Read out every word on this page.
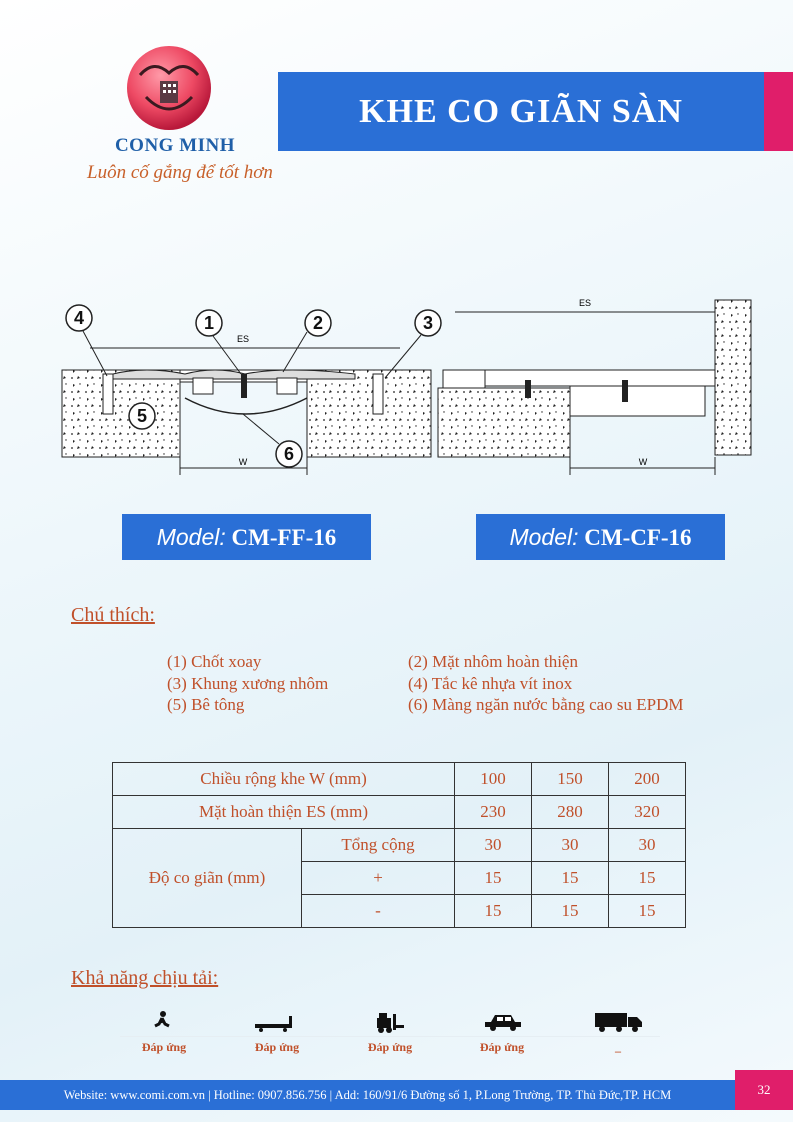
CONG MINH
Luôn cố gắng để tốt hơn
KHE CO GIÃN SÀN
W
ES
4	1	2	3
5
6
ES
W
Model: CM-FF-16	Model: CM-CF-16
Chú thích:
(1) Chốt xoay
(3) Khung xương nhôm
(5) Bê tông
(2) Mặt nhôm hoàn thiện
(4) Tắc kê nhựa vít inox
(6) Màng ngăn nước bằng cao su EPDM
Chiều rộng khe W (mm)		100	150	200
Mặt hoàn thiện ES (mm)		230	280	320
Độ co giãn (mm)	Tổng cộng	30	30	30
	+	15	15	15
	-	15	15	15
Khả năng chịu tải:
Đáp ứng	Đáp ứng	Đáp ứng	Đáp ứng	_
Website: www.comi.com.vn | Hotline: 0907.856.756 | Add: 160/91/6 Đường số 1, P.Long Trường, TP. Thủ Đức,TP. HCM	32
